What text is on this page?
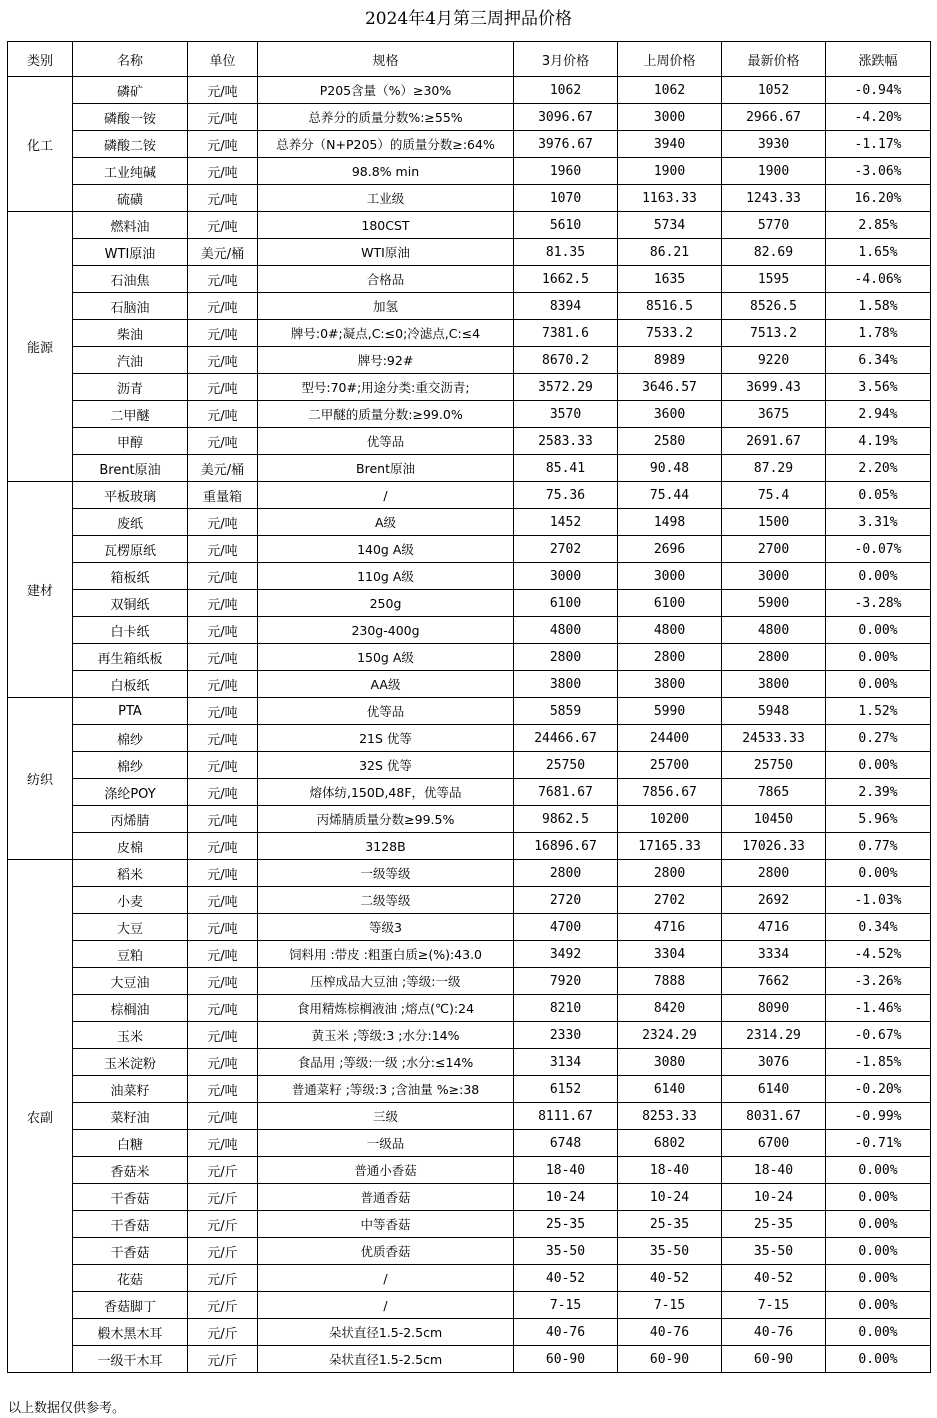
2024年4月第三周押品价格
类别	名称	单位	规格	3月价格	上周价格	最新价格	涨跌幅
化工	磷矿	元/吨	P205含量（%）≥30%	1062	1062	1052	-0.94%
	磷酸一铵	元/吨	总养分的质量分数%:≥55%	3096.67	3000	2966.67	-4.20%
	磷酸二铵	元/吨	总养分（N+P205）的质量分数≥:64%	3976.67	3940	3930	-1.17%
	工业纯碱	元/吨	98.8% min	1960	1900	1900	-3.06%
	硫磺	元/吨	工业级	1070	1163.33	1243.33	16.20%
能源	燃料油	元/吨	180CST	5610	5734	5770	2.85%
	WTI原油	美元/桶	WTI原油	81.35	86.21	82.69	1.65%
	石油焦	元/吨	合格品	1662.5	1635	1595	-4.06%
	石脑油	元/吨	加氢	8394	8516.5	8526.5	1.58%
	柴油	元/吨	牌号:0#;凝点,C:≤0;冷滤点,C:≤4	7381.6	7533.2	7513.2	1.78%
	汽油	元/吨	牌号:92#	8670.2	8989	9220	6.34%
	沥青	元/吨	型号:70#;用途分类:重交沥青;	3572.29	3646.57	3699.43	3.56%
	二甲醚	元/吨	二甲醚的质量分数:≥99.0%	3570	3600	3675	2.94%
	甲醇	元/吨	优等品	2583.33	2580	2691.67	4.19%
	Brent原油	美元/桶	Brent原油	85.41	90.48	87.29	2.20%
建材	平板玻璃	重量箱	/	75.36	75.44	75.4	0.05%
	废纸	元/吨	A级	1452	1498	1500	3.31%
	瓦楞原纸	元/吨	140g A级	2702	2696	2700	-0.07%
	箱板纸	元/吨	110g A级	3000	3000	3000	0.00%
	双铜纸	元/吨	250g	6100	6100	5900	-3.28%
	白卡纸	元/吨	230g-400g	4800	4800	4800	0.00%
	再生箱纸板	元/吨	150g A级	2800	2800	2800	0.00%
	白板纸	元/吨	AA级	3800	3800	3800	0.00%
纺织	PTA	元/吨	优等品	5859	5990	5948	1.52%
	棉纱	元/吨	21S 优等	24466.67	24400	24533.33	0.27%
	棉纱	元/吨	32S 优等	25750	25700	25750	0.00%
	涤纶POY	元/吨	熔体纺,150D,48F，优等品	7681.67	7856.67	7865	2.39%
	丙烯腈	元/吨	丙烯腈质量分数≥99.5%	9862.5	10200	10450	5.96%
	皮棉	元/吨	3128B	16896.67	17165.33	17026.33	0.77%
农副	稻米	元/吨	一级等级	2800	2800	2800	0.00%
	小麦	元/吨	二级等级	2720	2702	2692	-1.03%
	大豆	元/吨	等级3	4700	4716	4716	0.34%
	豆粕	元/吨	饲料用 :带皮 :粗蛋白质≥(%):43.0	3492	3304	3334	-4.52%
	大豆油	元/吨	压榨成品大豆油 ;等级:一级	7920	7888	7662	-3.26%
	棕榈油	元/吨	食用精炼棕榈液油 ;熔点(℃):24	8210	8420	8090	-1.46%
	玉米	元/吨	黄玉米 ;等级:3 ;水分:14%	2330	2324.29	2314.29	-0.67%
	玉米淀粉	元/吨	食品用 ;等级:一级 ;水分:≤14%	3134	3080	3076	-1.85%
	油菜籽	元/吨	普通菜籽 ;等级:3 ;含油量 %≥:38	6152	6140	6140	-0.20%
	菜籽油	元/吨	三级	8111.67	8253.33	8031.67	-0.99%
	白糖	元/吨	一级品	6748	6802	6700	-0.71%
	香菇米	元/斤	普通小香菇	18-40	18-40	18-40	0.00%
	干香菇	元/斤	普通香菇	10-24	10-24	10-24	0.00%
	干香菇	元/斤	中等香菇	25-35	25-35	25-35	0.00%
	干香菇	元/斤	优质香菇	35-50	35-50	35-50	0.00%
	花菇	元/斤	/	40-52	40-52	40-52	0.00%
	香菇脚丁	元/斤	/	7-15	7-15	7-15	0.00%
	椴木黑木耳	元/斤	朵状直径1.5-2.5cm	40-76	40-76	40-76	0.00%
	一级干木耳	元/斤	朵状直径1.5-2.5cm	60-90	60-90	60-90	0.00%
以上数据仅供参考。
